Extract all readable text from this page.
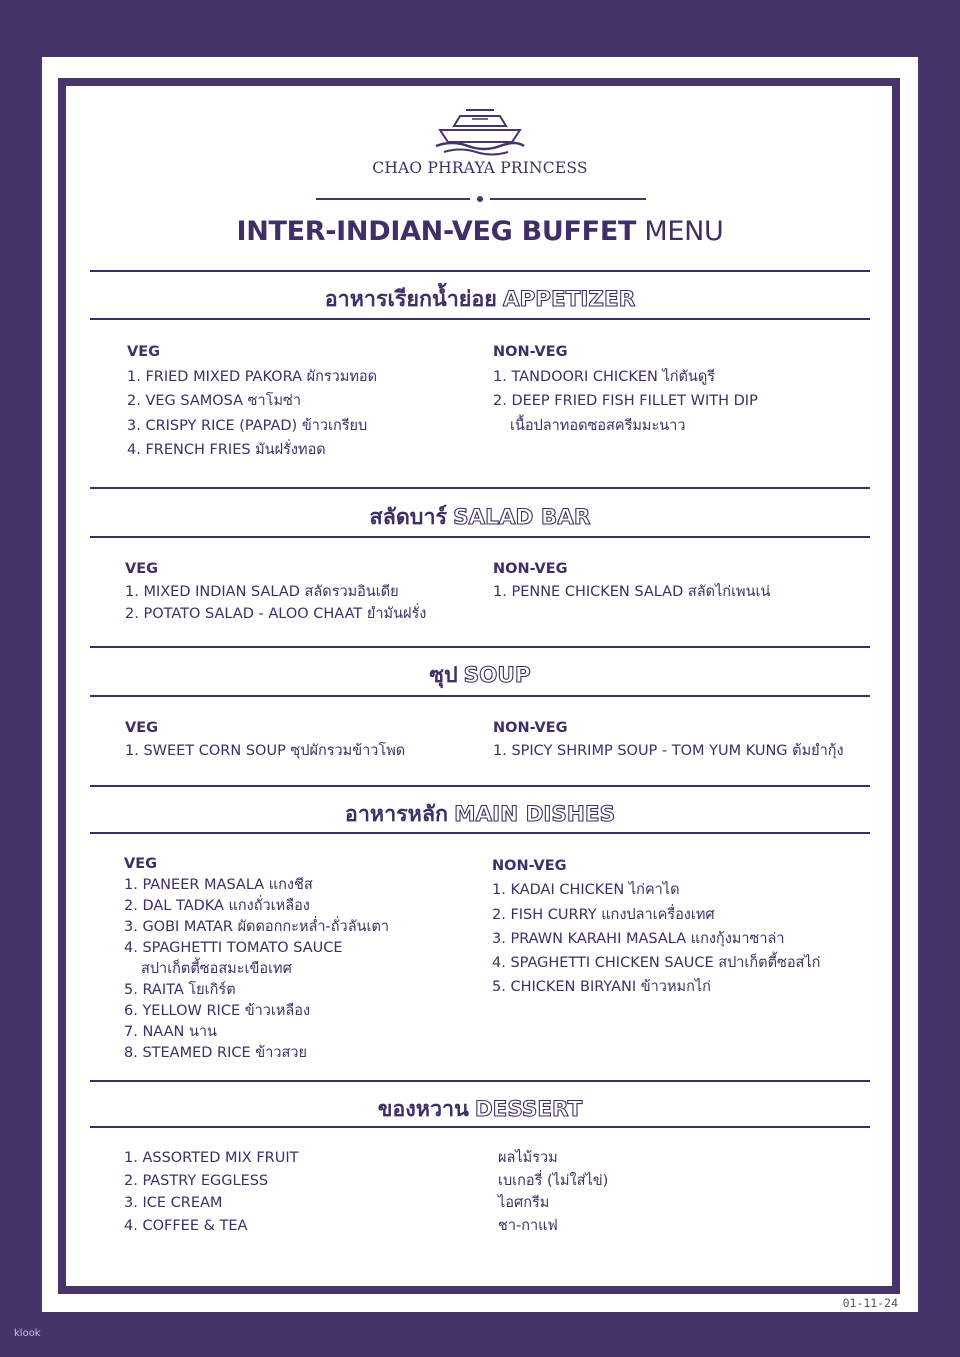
CHAO PHRAYA PRINCESS
INTER-INDIAN-VEG BUFFET MENU
อาหารเรียกน้ำย่อย APPETIZER
VEG
1. FRIED MIXED PAKORA ผักรวมทอด
2. VEG SAMOSA ซาโมซ่า
3. CRISPY RICE (PAPAD) ข้าวเกรียบ
4. FRENCH FRIES มันฝรั่งทอด
NON-VEG
1. TANDOORI CHICKEN ไก่ตันดูรี
2. DEEP FRIED FISH FILLET WITH DIP
เนื้อปลาทอดซอสครีมมะนาว
สลัดบาร์ SALAD BAR
VEG
1. MIXED INDIAN SALAD สลัดรวมอินเดีย
2. POTATO SALAD - ALOO CHAAT ยำมันฝรั่ง
NON-VEG
1. PENNE CHICKEN SALAD สลัดไก่เพนเน่
ซุป SOUP
VEG
1. SWEET CORN SOUP ซุปผักรวมข้าวโพด
NON-VEG
1. SPICY SHRIMP SOUP - TOM YUM KUNG ต้มยำกุ้ง
อาหารหลัก MAIN DISHES
VEG
1. PANEER MASALA แกงชีส
2. DAL TADKA แกงถั่วเหลือง
3. GOBI MATAR ผัดดอกกะหล่ำ-ถั่วลันเตา
4. SPAGHETTI TOMATO SAUCE
สปาเก็ตตี้ซอสมะเขือเทศ
5. RAITA โยเกิร์ต
6. YELLOW RICE ข้าวเหลือง
7. NAAN นาน
8. STEAMED RICE ข้าวสวย
NON-VEG
1. KADAI CHICKEN ไก่คาได
2. FISH CURRY แกงปลาเครื่องเทศ
3. PRAWN KARAHI MASALA แกงกุ้งมาซาล่า
4. SPAGHETTI CHICKEN SAUCE สปาเก็ตตี้ซอสไก่
5. CHICKEN BIRYANI ข้าวหมกไก่
ของหวาน DESSERT
1. ASSORTED MIX FRUIT
2. PASTRY EGGLESS
3. ICE CREAM
4. COFFEE & TEA
ผลไม้รวม
เบเกอรี่ (ไม่ใส่ไข่)
ไอศกรีม
ชา-กาแฟ
01-11-24
klook
